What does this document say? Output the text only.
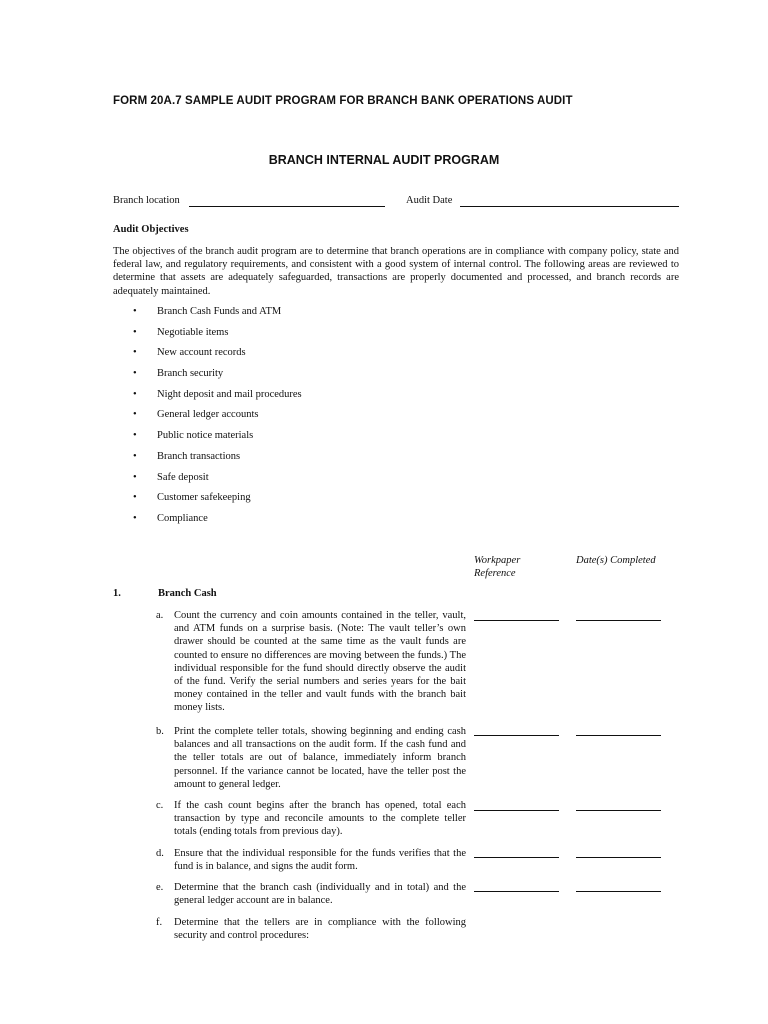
FORM 20A.7 SAMPLE AUDIT PROGRAM FOR BRANCH BANK OPERATIONS AUDIT
BRANCH INTERNAL AUDIT PROGRAM
Branch location	Audit Date
Audit Objectives
The objectives of the branch audit program are to determine that branch operations are in compliance with company policy, state and federal law, and regulatory requirements, and consistent with a good system of internal control. The following areas are reviewed to determine that assets are adequately safeguarded, transactions are properly documented and processed, and branch records are adequately maintained.
• Branch Cash Funds and ATM
• Negotiable items
• New account records
• Branch security
• Night deposit and mail procedures
• General ledger accounts
• Public notice materials
• Branch transactions
• Safe deposit
• Customer safekeeping
• Compliance
Workpaper
Reference
Date(s) Completed
1.	Branch Cash
a. Count the currency and coin amounts contained in the teller, vault, and ATM funds on a surprise basis. (Note: The vault teller’s own drawer should be counted at the same time as the vault funds are counted to ensure no differences are moving between the funds.) The individual responsible for the fund should directly observe the audit of the fund. Verify the serial numbers and series years for the bait money contained in the teller and vault funds with the branch bait money lists.
b. Print the complete teller totals, showing beginning and ending cash balances and all transactions on the audit form. If the cash fund and the teller totals are out of balance, immediately inform branch personnel. If the variance cannot be located, have the teller post the amount to general ledger.
c. If the cash count begins after the branch has opened, total each transaction by type and reconcile amounts to the complete teller totals (ending totals from previous day).
d. Ensure that the individual responsible for the funds verifies that the fund is in balance, and signs the audit form.
e. Determine that the branch cash (individually and in total) and the general ledger account are in balance.
f. Determine that the tellers are in compliance with the following security and control procedures:
